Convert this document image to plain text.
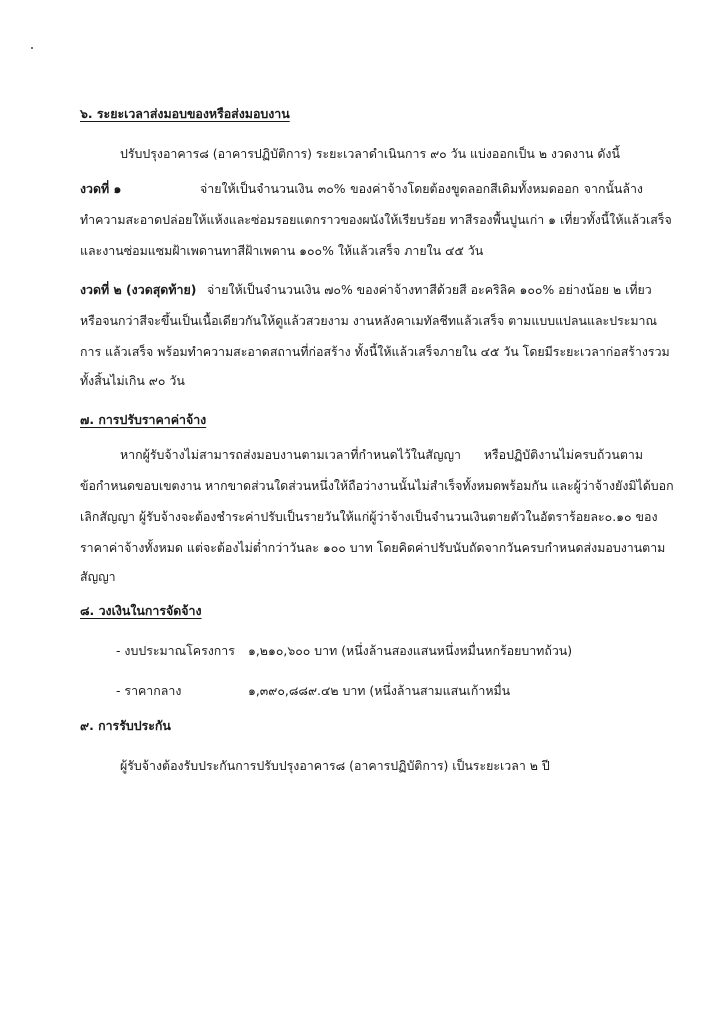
๖. ระยะเวลาส่งมอบของหรือส่งมอบงาน
ปรับปรุงอาคาร๘ (อาคารปฏิบัติการ) ระยะเวลาดำเนินการ ๙๐ วัน แบ่งออกเป็น ๒ งวดงาน ดังนี้
งวดที่ ๑	จ่ายให้เป็นจำนวนเงิน ๓๐% ของค่าจ้างโดยต้องขูดลอกสีเดิมทั้งหมดออก จากนั้นล้าง
ทำความสะอาดปล่อยให้แห้งและซ่อมรอยแตกราวของผนังให้เรียบร้อย ทาสีรองพื้นปูนเก่า ๑ เที่ยวทั้งนี้ให้แล้วเสร็จ
และงานซ่อมแซมฝ้าเพดานทาสีฝ้าเพดาน ๑๐๐% ให้แล้วเสร็จ ภายใน ๔๕ วัน
งวดที่ ๒ (งวดสุดท้าย) จ่ายให้เป็นจำนวนเงิน ๗๐% ของค่าจ้างทาสีด้วยสี อะคริลิค ๑๐๐% อย่างน้อย ๒ เที่ยว
หรือจนกว่าสีจะขึ้นเป็นเนื้อเดียวกันให้ดูแล้วสวยงาม งานหลังคาเมทัลชีทแล้วเสร็จ ตามแบบแปลนและประมาณ
การ แล้วเสร็จ พร้อมทำความสะอาดสถานที่ก่อสร้าง ทั้งนี้ให้แล้วเสร็จภายใน ๔๕ วัน โดยมีระยะเวลาก่อสร้างรวม
ทั้งสิ้นไม่เกิน ๙๐ วัน
๗. การปรับราคาค่าจ้าง
หากผู้รับจ้างไม่สามารถส่งมอบงานตามเวลาที่กำหนดไว้ในสัญญา หรือปฏิบัติงานไม่ครบถ้วนตาม
ข้อกำหนดขอบเขตงาน หากขาดส่วนใดส่วนหนึ่งให้ถือว่างานนั้นไม่สำเร็จทั้งหมดพร้อมกัน และผู้ว่าจ้างยังมิได้บอก
เลิกสัญญา ผู้รับจ้างจะต้องชำระค่าปรับเป็นรายวันให้แก่ผู้ว่าจ้างเป็นจำนวนเงินตายตัวในอัตราร้อยละ๐.๑๐ ของ
ราคาค่าจ้างทั้งหมด แต่จะต้องไม่ต่ำกว่าวันละ ๑๐๐ บาท โดยคิดค่าปรับนับถัดจากวันครบกำหนดส่งมอบงานตาม
สัญญา
๘. วงเงินในการจัดจ้าง
- งบประมาณโครงการ ๑,๒๑๐,๖๐๐ บาท (หนึ่งล้านสองแสนหนึ่งหมื่นหกร้อยบาทถ้วน)
- ราคากลาง	๑,๓๙๐,๘๘๙.๔๒ บาท (หนึ่งล้านสามแสนเก้าหมื่น
๙. การรับประกัน
ผู้รับจ้างต้องรับประกันการปรับปรุงอาคาร๘ (อาคารปฏิบัติการ) เป็นระยะเวลา ๒ ปี
